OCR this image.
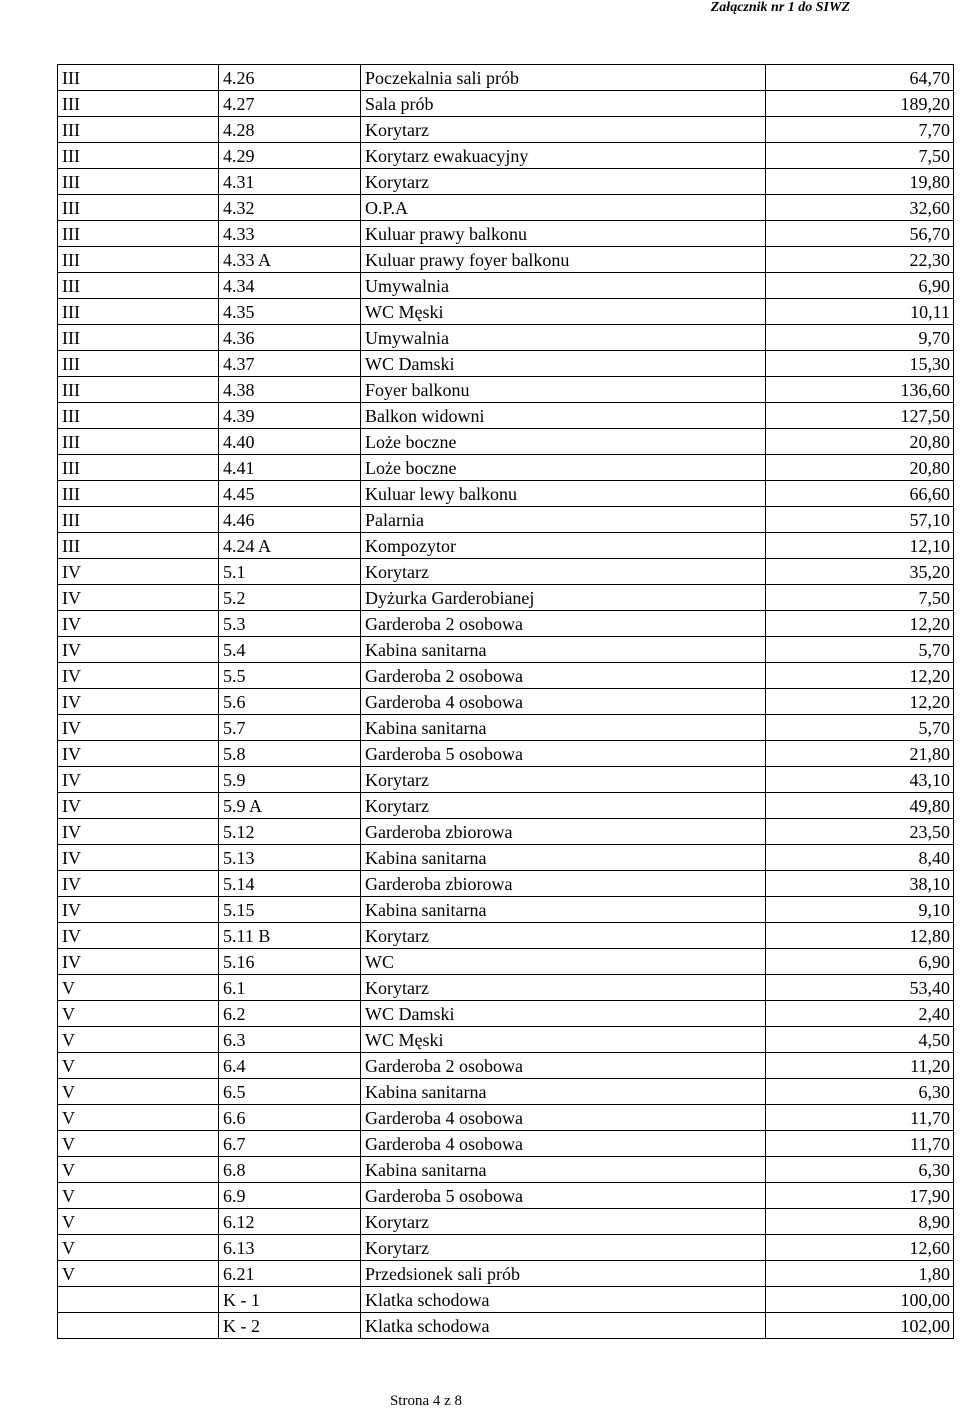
Załącznik nr 1 do SIWZ
III	4.26	Poczekalnia sali prób	64,70
III	4.27	Sala prób	189,20
III	4.28	Korytarz	7,70
III	4.29	Korytarz ewakuacyjny	7,50
III	4.31	Korytarz	19,80
III	4.32	O.P.A	32,60
III	4.33	Kuluar prawy balkonu	56,70
III	4.33 A	Kuluar prawy foyer balkonu	22,30
III	4.34	Umywalnia	6,90
III	4.35	WC Męski	10,11
III	4.36	Umywalnia	9,70
III	4.37	WC Damski	15,30
III	4.38	Foyer balkonu	136,60
III	4.39	Balkon widowni	127,50
III	4.40	Loże boczne	20,80
III	4.41	Loże boczne	20,80
III	4.45	Kuluar lewy balkonu	66,60
III	4.46	Palarnia	57,10
III	4.24 A	Kompozytor	12,10
IV	5.1	Korytarz	35,20
IV	5.2	Dyżurka Garderobianej	7,50
IV	5.3	Garderoba 2 osobowa	12,20
IV	5.4	Kabina sanitarna	5,70
IV	5.5	Garderoba 2 osobowa	12,20
IV	5.6	Garderoba 4 osobowa	12,20
IV	5.7	Kabina sanitarna	5,70
IV	5.8	Garderoba 5 osobowa	21,80
IV	5.9	Korytarz	43,10
IV	5.9 A	Korytarz	49,80
IV	5.12	Garderoba zbiorowa	23,50
IV	5.13	Kabina sanitarna	8,40
IV	5.14	Garderoba zbiorowa	38,10
IV	5.15	Kabina sanitarna	9,10
IV	5.11 B	Korytarz	12,80
IV	5.16	WC	6,90
V	6.1	Korytarz	53,40
V	6.2	WC Damski	2,40
V	6.3	WC Męski	4,50
V	6.4	Garderoba 2 osobowa	11,20
V	6.5	Kabina sanitarna	6,30
V	6.6	Garderoba 4 osobowa	11,70
V	6.7	Garderoba 4 osobowa	11,70
V	6.8	Kabina sanitarna	6,30
V	6.9	Garderoba 5 osobowa	17,90
V	6.12	Korytarz	8,90
V	6.13	Korytarz	12,60
V	6.21	Przedsionek sali prób	1,80
	K - 1	Klatka schodowa	100,00
	K - 2	Klatka schodowa	102,00
Strona 4 z 8
